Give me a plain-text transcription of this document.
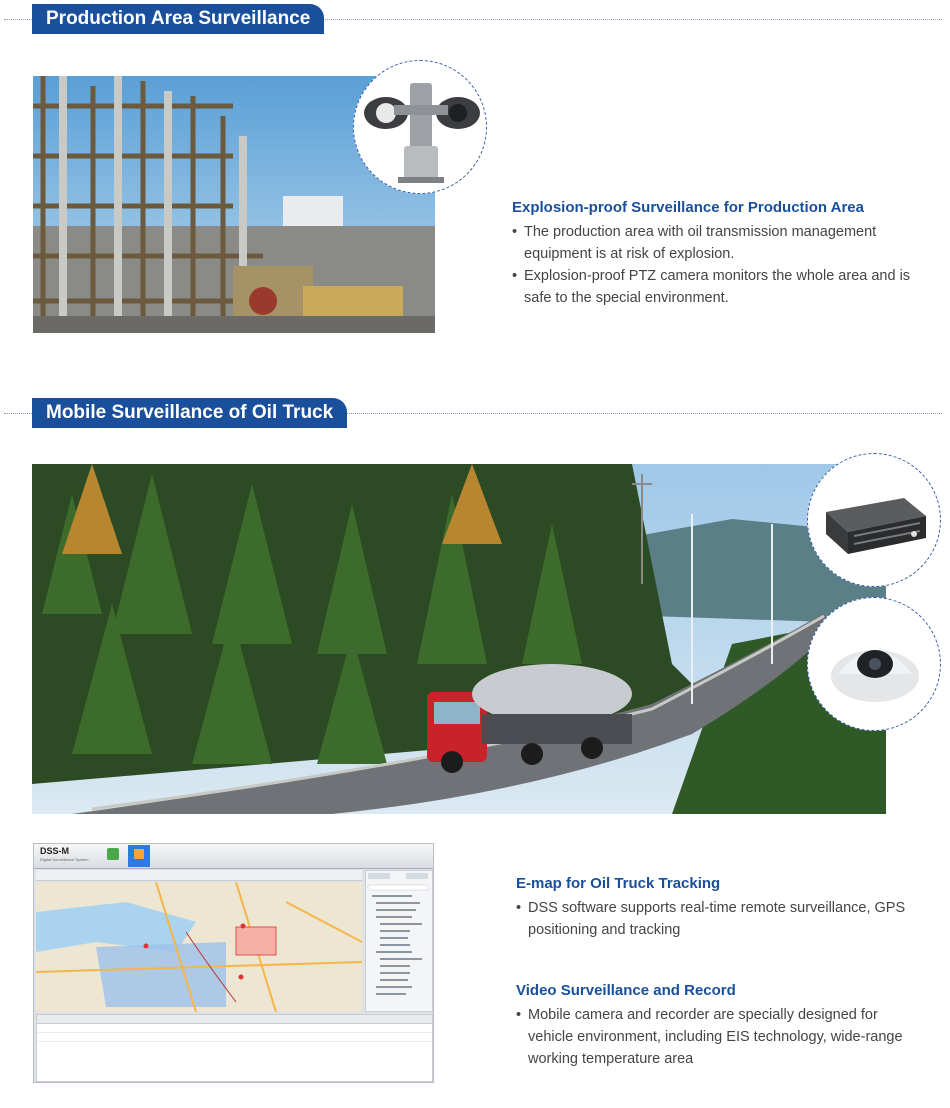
Production Area Surveillance
Explosion-proof Surveillance for Production Area
• The production area with oil transmission management equipment is at risk of explosion.
• Explosion-proof PTZ camera monitors the whole area and is safe to the special environment.
Mobile Surveillance of Oil Truck
DSS-M
Digital Surveillance System
E-map for Oil Truck Tracking
• DSS software supports real-time remote surveillance, GPS positioning and tracking
Video Surveillance and Record
• Mobile camera and recorder are specially designed for vehicle environment, including EIS technology, wide-range working temperature area
